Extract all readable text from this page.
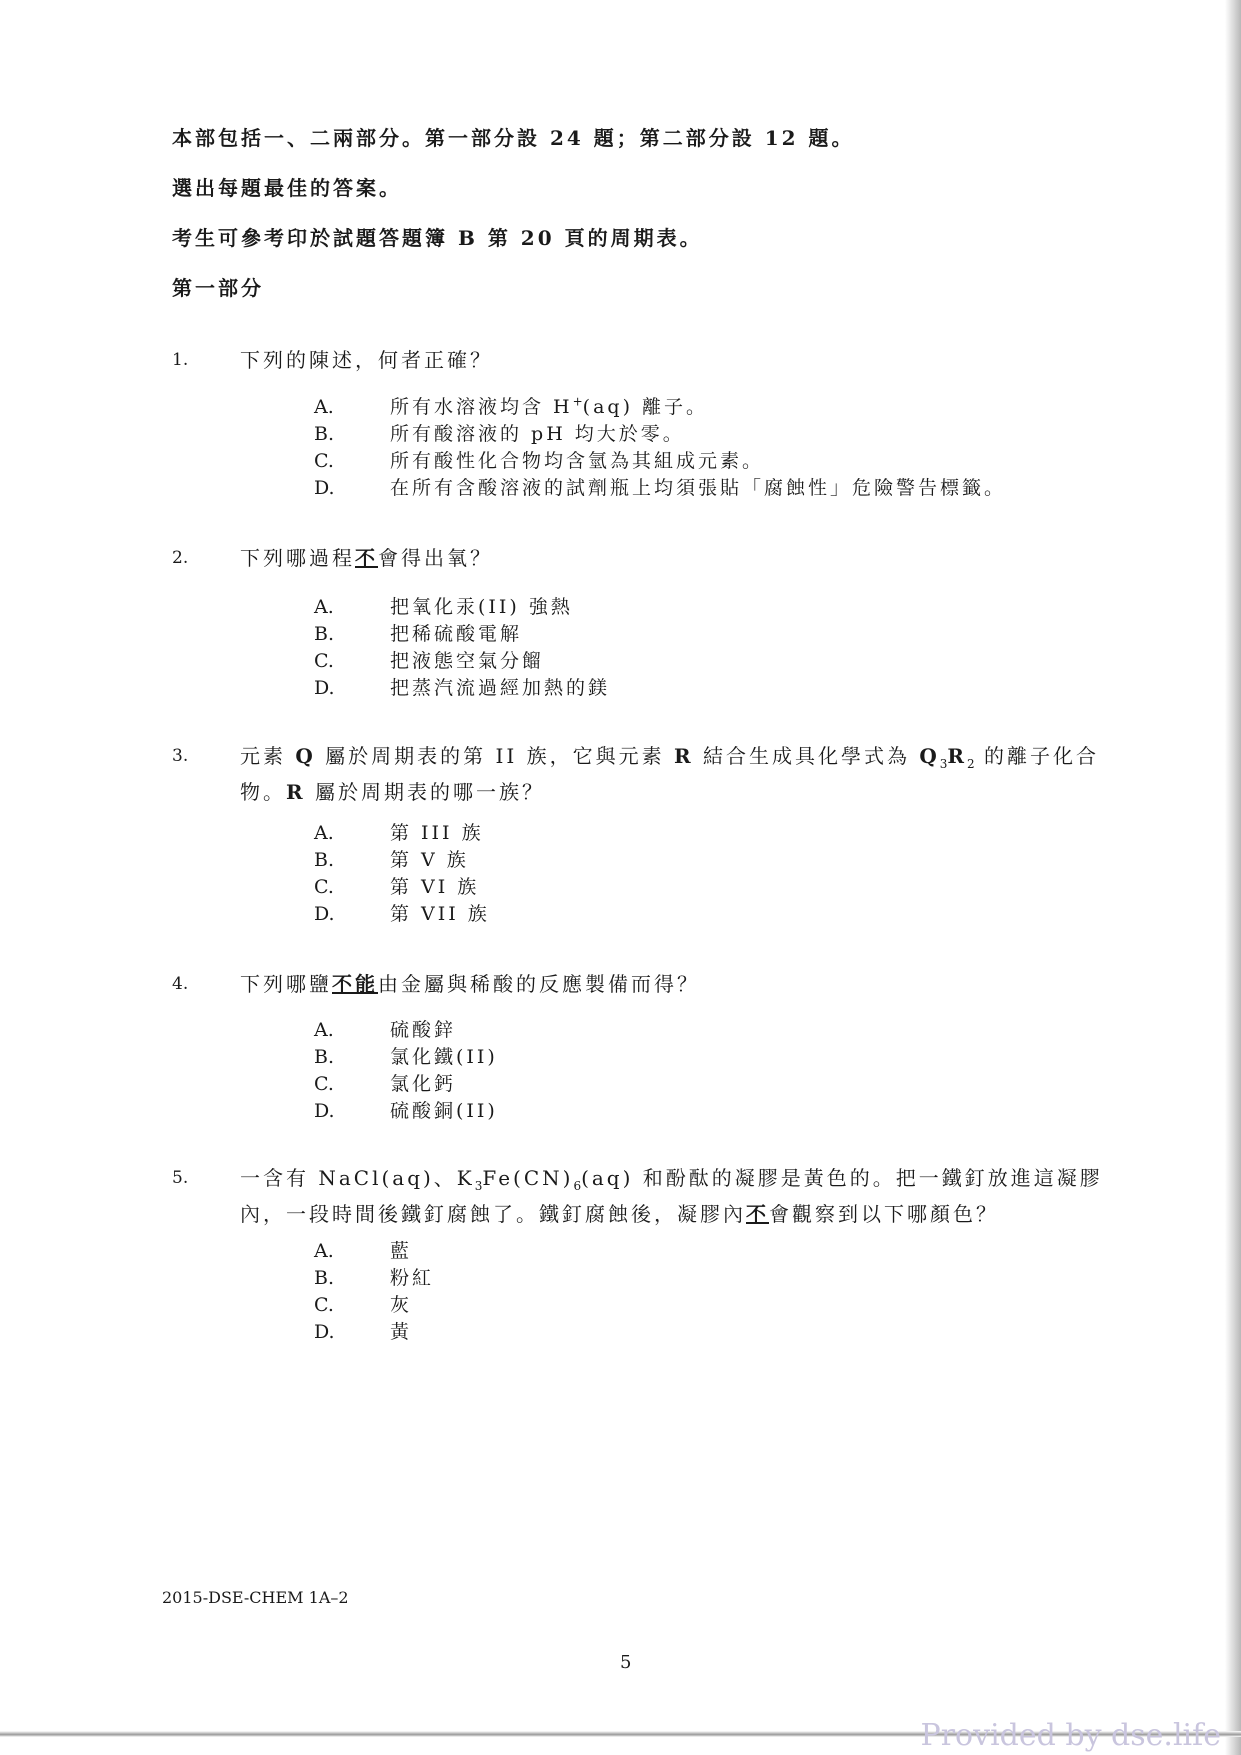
本部包括一、二兩部分。第一部分設 24 題；第二部分設 12 題。
選出每題最佳的答案。
考生可參考印於試題答題簿 B 第 20 頁的周期表。
第一部分
1.	下列的陳述，何者正確？
A.	所有水溶液均含 H+(aq) 離子。
B.	所有酸溶液的 pH 均大於零。
C.	所有酸性化合物均含氫為其組成元素。
D.	在所有含酸溶液的試劑瓶上均須張貼「腐蝕性」危險警告標籤。
2.	下列哪過程不會得出氧？
A.	把氧化汞(II) 強熱
B.	把稀硫酸電解
C.	把液態空氣分餾
D.	把蒸汽流過經加熱的鎂
3.	元素 Q 屬於周期表的第 II 族，它與元素 R 結合生成具化學式為 $Q_3R_2$ 的離子化合物。R 屬於周期表的哪一族？
A.	第 III 族
B.	第 V 族
C.	第 VI 族
D.	第 VII 族
4.	下列哪鹽不能由金屬與稀酸的反應製備而得？
A.	硫酸鋅
B.	氯化鐵(II)
C.	氯化鈣
D.	硫酸銅(II)
5.	一含有 NaCl(aq)、$K_3Fe(CN)_6(aq)$ 和酚酞的凝膠是黃色的。把一鐵釘放進這凝膠內，一段時間後鐵釘腐蝕了。鐵釘腐蝕後，凝膠內不會觀察到以下哪顏色？
A.	藍
B.	粉紅
C.	灰
D.	黃
2015-DSE-CHEM 1A–2
5
Provided by dse.life
